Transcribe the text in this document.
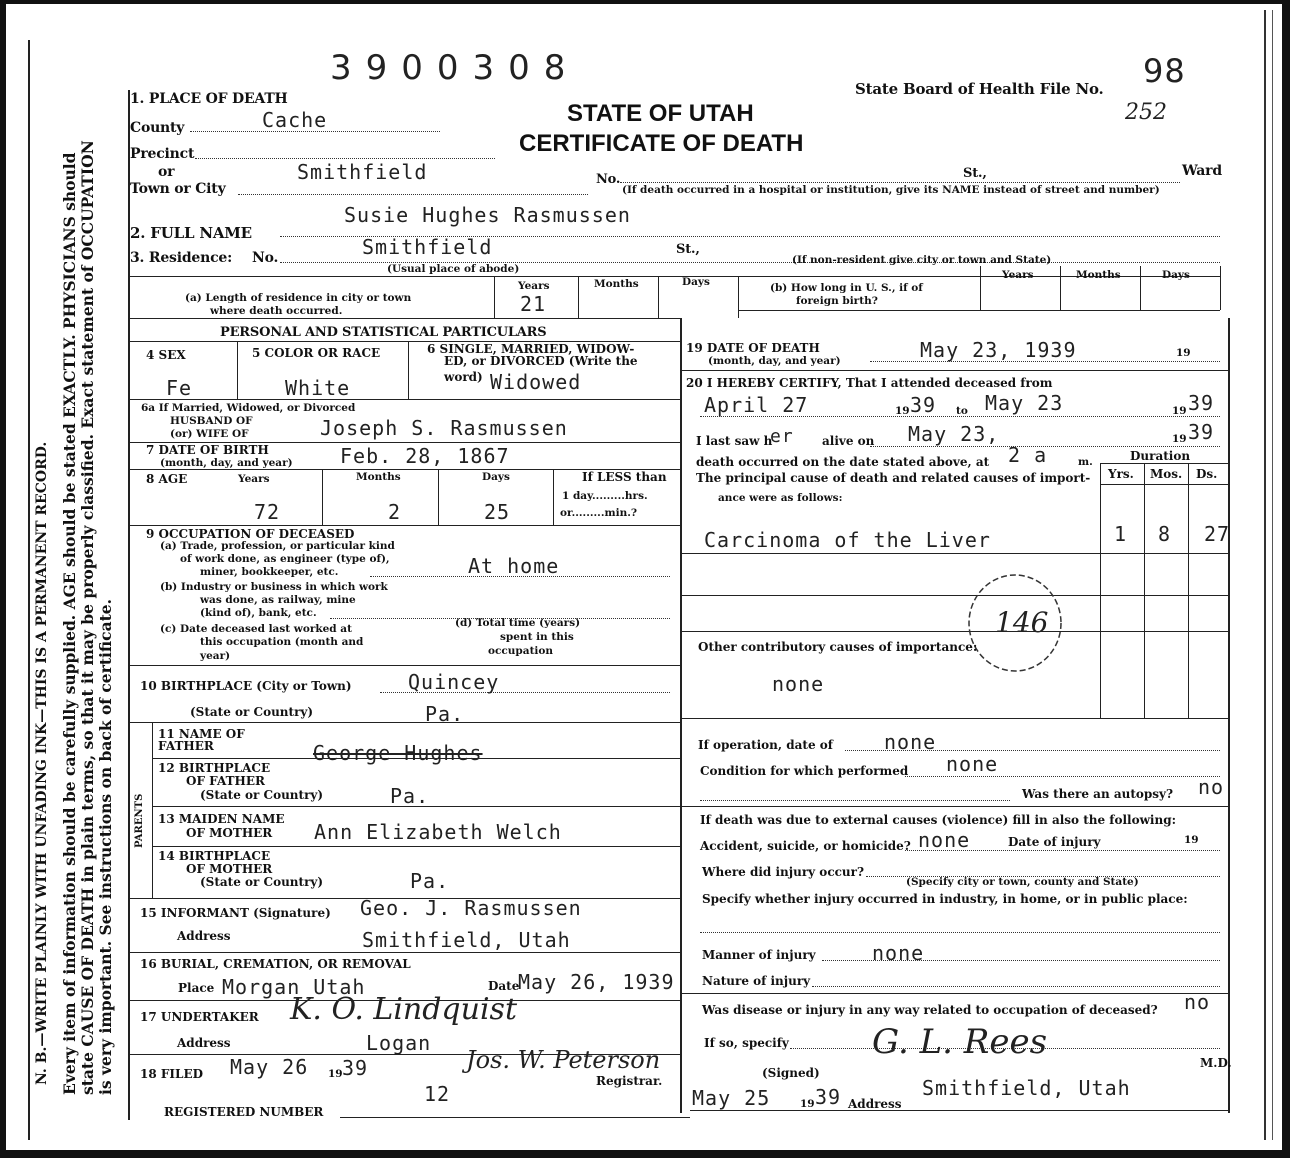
Every item of information should be carefully supplied. AGE should be stated EXACTLY. PHYSICIANS should state CAUSE OF DEATH in plain terms, so that it may be properly classified. Exact statement of OCCUPATION is very important. See instructions on back of certificate.
N. B.—WRITE PLAINLY WITH UNFADING INK—THIS IS A PERMANENT RECORD.
3900308
State Board of Health File No. 98
252
STATE OF UTAH
CERTIFICATE OF DEATH
1. PLACE OF DEATH
County	Cache
Precinct
or
Town or City
Smithfield	No.	St.,	Ward
(If death occurred in a hospital or institution, give its NAME instead of street and number)
2. FULL NAME
Susie Hughes Rasmussen
3. Residence: No.	Smithfield	St.,
(Usual place of abode)
(If non-resident give city or town and State)
(a) Length of residence in city or town
where death occurred.
Years	Months	Days
21
(b) How long in U. S., if of
foreign birth?
Years	Months	Days
PERSONAL AND STATISTICAL PARTICULARS
4 SEX
Fe
5 COLOR OR RACE
White
6 SINGLE, MARRIED, WIDOW-
ED, or DIVORCED (Write the
word) Widowed
6a If Married, Widowed, or Divorced
HUSBAND OF
(or) WIFE OF	Joseph S. Rasmussen
7 DATE OF BIRTH
(month, day, and year) Feb. 28, 1867
8 AGE	Years	Months	Days	If LESS than
1 day.........hrs.
or.........min.?
72	2	25
9 OCCUPATION OF DECEASED
(a) Trade, profession, or particular kind
of work done, as engineer (type of),
miner, bookkeeper, etc.	At home
(b) Industry or business in which work
was done, as railway, mine
(kind of), bank, etc.
(c) Date deceased last worked at
this occupation (month and
year)
(d) Total time (years)
spent in this
occupation
10 BIRTHPLACE (City or Town)	Quincey
(State or Country)	Pa.
PARENTS
11 NAME OF FATHER	George Hughes
12 BIRTHPLACE
OF FATHER
(State or Country)	Pa.
13 MAIDEN NAME
OF MOTHER Ann Elizabeth Welch
14 BIRTHPLACE
OF MOTHER
(State or Country)	Pa.
15 INFORMANT (Signature) Geo. J. Rasmussen
Address	Smithfield, Utah
16 BURIAL, CREMATION, OR REMOVAL
Place Morgan Utah	Date
May 26, 1939
17 UNDERTAKER K. O. Lindquist
Address	Logan
18 FILED May 26 19 39
12
Jos. W. Peterson
Registrar.
REGISTERED NUMBER
19 DATE OF DEATH
(month, day, and year)	May 23, 1939	19
20 I HEREBY CERTIFY, That I attended deceased from
April 27	19 39 to May 23	19 39
I last saw h
er alive on May 23,	19 39
death occurred on the date stated above, at 2 a	m.	Duration
The principal cause of death and related causes of import-
ance were as follows:
Yrs. Mos. Ds.
Carcinoma of the Liver	1 8 27
146
Other contributory causes of importance:
none
If operation, date of	none
Condition for which performed none
Was there an autopsy? no
If death was due to external causes (violence) fill in also the following:
Accident, suicide, or homicide? none	Date of injury	19
Where did injury occur?
(Specify city or town, county and State)
Specify whether injury occurred in industry, in home, or in public place:
Manner of injury	none
Nature of injury
Was disease or injury in any way related to occupation of deceased? no
If so, specify
(Signed)
G. L. Rees
M.D.
May 25	19 39 Address
Smithfield, Utah
